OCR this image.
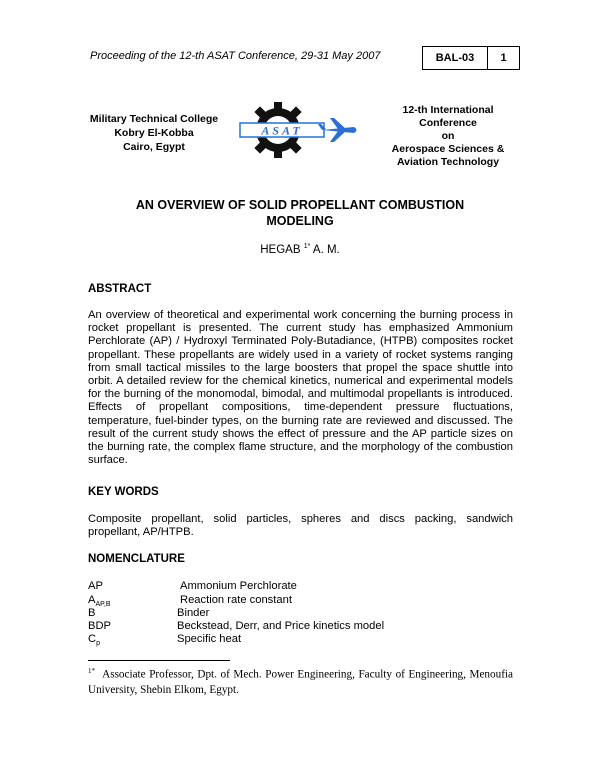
Proceeding of the 12-th ASAT Conference, 29-31 May 2007	BAL-03	1
Military Technical College
Kobry El-Kobba
Cairo, Egypt
ASAT
12-th International Conference
on
Aerospace Sciences &
Aviation Technology
AN OVERVIEW OF SOLID PROPELLANT COMBUSTION
MODELING
HEGAB $^{1*}$ A. M.
ABSTRACT
An overview of theoretical and experimental work concerning the burning process in rocket propellant is presented. The current study has emphasized Ammonium Perchlorate (AP) / Hydroxyl Terminated Poly-Butadiance, (HTPB) composites rocket propellant. These propellants are widely used in a variety of rocket systems ranging from small tactical missiles to the large boosters that propel the space shuttle into orbit. A detailed review for the chemical kinetics, numerical and experimental models for the burning of the monomodal, bimodal, and multimodal propellants is introduced. Effects of propellant compositions, time-dependent pressure fluctuations, temperature, fuel-binder types, on the burning rate are reviewed and discussed. The result of the current study shows the effect of pressure and the AP particle sizes on the burning rate, the complex flame structure, and the morphology of the combustion surface.
KEY WORDS
Composite propellant, solid particles, spheres and discs packing, sandwich propellant, AP/HTPB.
NOMENCLATURE
AP	Ammonium Perchlorate
$A_{AP,B}$	Reaction rate constant
B	Binder
BDP	Beckstead, Derr, and Price kinetics model
$C_p$	Specific heat
$^{1*}$ Associate Professor, Dpt. of Mech. Power Engineering, Faculty of Engineering, Menoufia University, Shebin Elkom, Egypt.
